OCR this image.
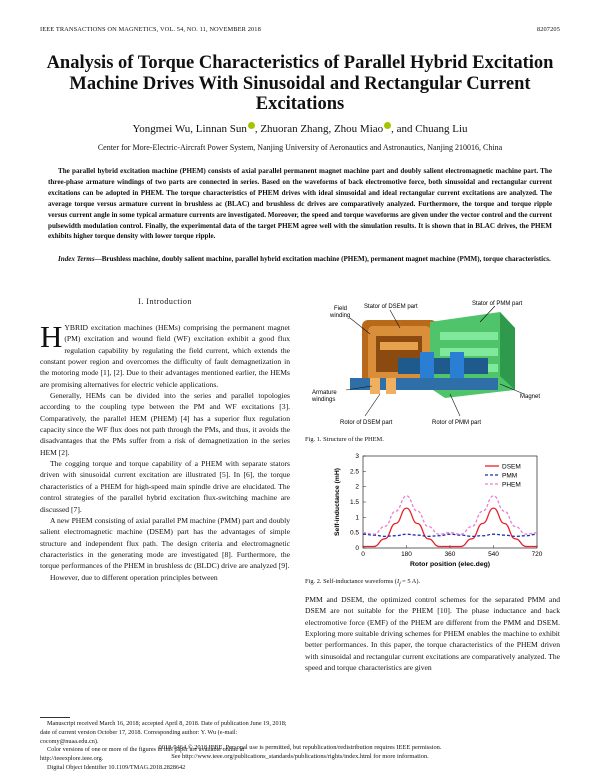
IEEE TRANSACTIONS ON MAGNETICS, VOL. 54, NO. 11, NOVEMBER 2018	8207205
Analysis of Torque Characteristics of Parallel Hybrid Excitation Machine Drives With Sinusoidal and Rectangular Current Excitations
Yongmei Wu, Linnan Sun , Zhuoran Zhang, Zhou Miao , and Chuang Liu
Center for More-Electric-Aircraft Power System, Nanjing University of Aeronautics and Astronautics, Nanjing 210016, China
The parallel hybrid excitation machine (PHEM) consists of axial parallel permanent magnet machine part and doubly salient electromagnetic machine part. The three-phase armature windings of two parts are connected in series. Based on the waveforms of back electromotive force, both sinusoidal and rectangular current excitations can be adopted in PHEM. The torque characteristics of PHEM drives with ideal sinusoidal and ideal rectangular current excitations are analyzed. The average torque versus armature current in brushless ac (BLAC) and brushless dc drives are comparatively analyzed. Furthermore, the torque and torque ripple versus current angle in some typical armature currents are investigated. Moreover, the speed and torque waveforms are given under the vector control and the current pulsewidth modulation control. Finally, the experimental data of the target PHEM agree well with the simulation results. It is shown that in BLAC drives, the PHEM exhibits higher torque density with lower torque ripple.
Index Terms—Brushless machine, doubly salient machine, parallel hybrid excitation machine (PHEM), permanent magnet machine (PMM), torque characteristics.
I. Introduction

HYBRID excitation machines (HEMs) comprising the permanent magnet (PM) excitation and wound field (WF) excitation exhibit a good flux regulation capability by regulating the field current, which extends the constant power region and overcomes the difficulty of fault demagnetization in the motoring mode [1], [2]. Due to their advantages mentioned earlier, the HEMs are promising alternatives for electric vehicle applications.

Generally, HEMs can be divided into the series and parallel topologies according to the coupling type between the PM and WF excitations [3]. Comparatively, the parallel HEM (PHEM) [4] has a superior flux regulation capacity since the WF flux does not path through the PMs, and thus, it avoids the disadvantages that the PMs suffer from a risk of demagnetization in the series HEM [2].

The cogging torque and torque capability of a PHEM with separate stators driven with sinusoidal current excitation are illustrated [5]. In [6], the torque characteristics of a PHEM for high-speed main spindle drive are elucidated. The control strategies of the parallel hybrid excitation flux-switching machine are discussed [7].

A new PHEM consisting of axial parallel PM machine (PMM) part and doubly salient electromagnetic machine (DSEM) part has the advantages of simple structure and independent flux path. The design criteria and electromagnetic characteristics in the generating mode are investigated [8]. Furthermore, the torque performances of the PHEM in brushless dc (BLDC) drive are analyzed [9].

However, due to different operation principles between

Manuscript received March 16, 2018; accepted April 8, 2018. Date of publication June 19, 2018; date of current version October 17, 2018. Corresponding author: Y. Wu (e-mail: cocomy@nuaa.edu.cn).

Color versions of one or more of the figures in this paper are available online at http://ieeexplore.ieee.org.

Digital Object Identifier 10.1109/TMAG.2018.2828642

Stator of DSEM part	Stator of PMM part
Field
winding
Armature
windings	Magnet
Rotor of DSEM part	Rotor of PMM part
Fig. 1. Structure of the PHEM.
0
0.5
1
1.5
2
2.5
3
0	180	360	540	720
Rotor position (elec.deg)
Self-inductance (mH)
DSEM
PMM
PHEM
Fig. 2. Self-inductance waveforms ($I_f = 5$ A).

PMM and DSEM, the optimized control schemes for the separated PMM and DSEM are not suitable for the PHEM [10]. The phase inductance and back electromotive force (EMF) of the PHEM are different from the PMM and DSEM. Exploring more suitable driving schemes for PHEM enables the machine to exhibit better performances. In this paper, the torque characteristics of the PHEM driven with sinusoidal and rectangular current excitations are comparatively analyzed. The speed and torque characteristics are given

0018-9464 © 2018 IEEE. Personal use is permitted, but republication/redistribution requires IEEE permission.
See http://www.ieee.org/publications_standards/publications/rights/index.html for more information.
